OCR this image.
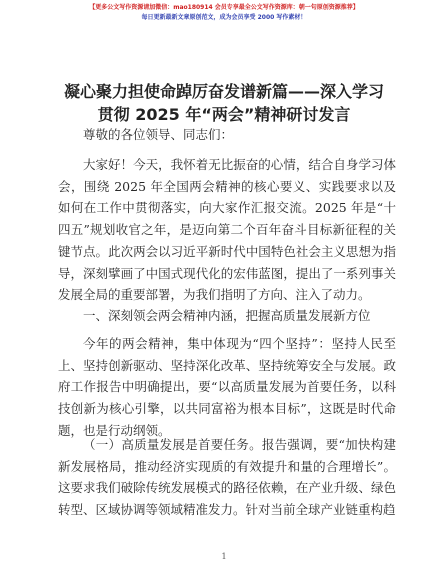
【更多公文写作资源请加微信：mao180914 会员专享最全公文写作资源库：朝一句原创资源推荐】
每日更新最新文章原创范文，成为会员享受 2000 写作素材！
凝心聚力担使命踔厉奋发谱新篇——深入学习
贯彻 2025 年“两会”精神研讨发言

尊敬的各位领导、同志们：

大家好！今天，我怀着无比振奋的心情，结合自身学习体会，围绕 2025 年全国两会精神的核心要义、实践要求以及如何在工作中贯彻落实，向大家作汇报交流。2025 年是“十四五”规划收官之年，是迈向第二个百年奋斗目标新征程的关键节点。此次两会以习近平新时代中国特色社会主义思想为指导，深刻擘画了中国式现代化的宏伟蓝图，提出了一系列事关发展全局的重要部署，为我们指明了方向、注入了动力。

一、深刻领会两会精神内涵，把握高质量发展新方位

今年的两会精神，集中体现为“四个坚持”：坚持人民至上、坚持创新驱动、坚持深化改革、坚持统筹安全与发展。政府工作报告中明确提出，要“以高质量发展为首要任务，以科技创新为核心引擎，以共同富裕为根本目标”，这既是时代命题，也是行动纲领。

（一）高质量发展是首要任务。报告强调，要“加快构建新发展格局，推动经济实现质的有效提升和量的合理增长”。这要求我们破除传统发展模式的路径依赖，在产业升级、绿色转型、区域协调等领域精准发力。针对当前全球产业链重构趋

1
